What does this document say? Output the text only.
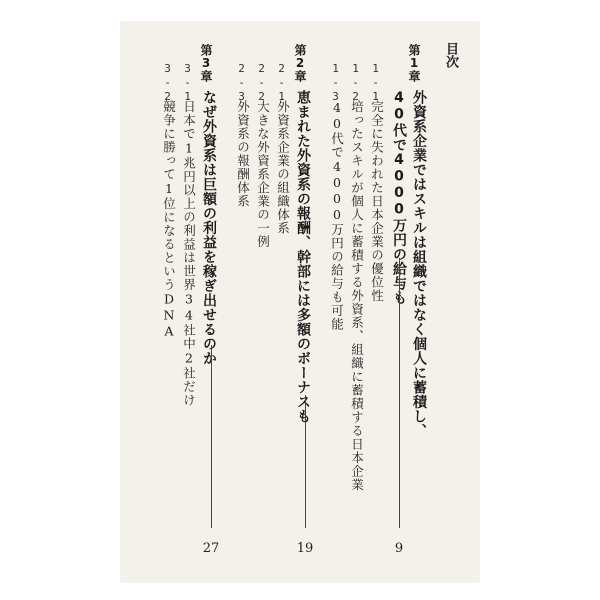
目次
第1章
外資系企業ではスキルは組織ではなく個人に蓄積し、
40代で4000万円の給与も
9
1-1
完全に失われた日本企業の優位性
1-2
培ったスキルが個人に蓄積する外資系、組織に蓄積する日本企業
1-3
40代で4000万円の給与も可能
第2章
恵まれた外資系の報酬、幹部には多額のボーナスも
19
2-1
外資系企業の組織体系
2-2
大きな外資系企業の一例
2-3
外資系の報酬体系
第3章
なぜ外資系は巨額の利益を稼ぎ出せるのか
27
3-1
日本で1兆円以上の利益は世界34社中2社だけ
3-2
競争に勝って1位になるというDNA
